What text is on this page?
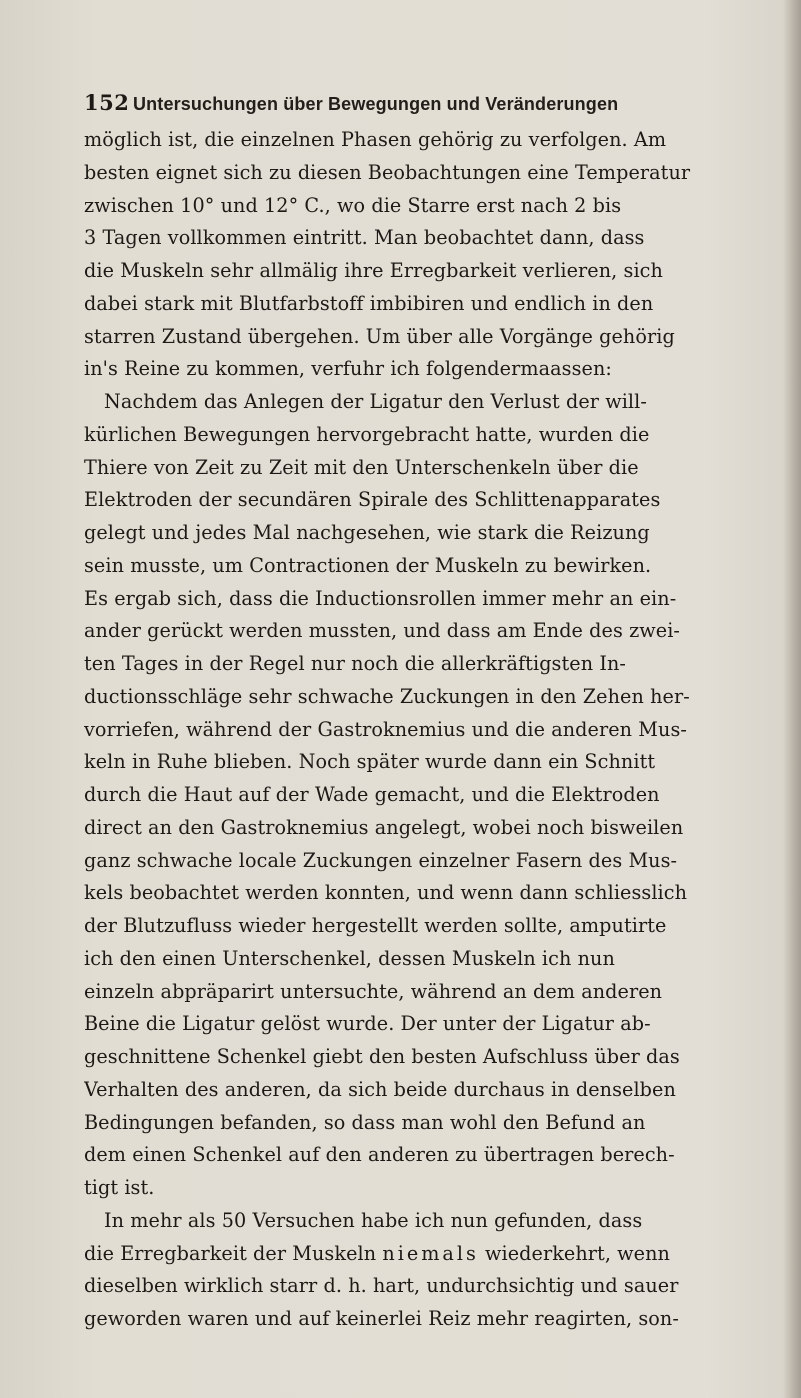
152 Untersuchungen über Bewegungen und Veränderungen
möglich ist, die einzelnen Phasen gehörig zu verfolgen. Am
besten eignet sich zu diesen Beobachtungen eine Temperatur
zwischen 10° und 12° C., wo die Starre erst nach 2 bis
3 Tagen vollkommen eintritt. Man beobachtet dann, dass
die Muskeln sehr allmälig ihre Erregbarkeit verlieren, sich
dabei stark mit Blutfarbstoff imbibiren und endlich in den
starren Zustand übergehen. Um über alle Vorgänge gehörig
in's Reine zu kommen, verfuhr ich folgendermaassen:
Nachdem das Anlegen der Ligatur den Verlust der will-
kürlichen Bewegungen hervorgebracht hatte, wurden die
Thiere von Zeit zu Zeit mit den Unterschenkeln über die
Elektroden der secundären Spirale des Schlittenapparates
gelegt und jedes Mal nachgesehen, wie stark die Reizung
sein musste, um Contractionen der Muskeln zu bewirken.
Es ergab sich, dass die Inductionsrollen immer mehr an ein-
ander gerückt werden mussten, und dass am Ende des zwei-
ten Tages in der Regel nur noch die allerkräftigsten In-
ductionsschläge sehr schwache Zuckungen in den Zehen her-
vorriefen, während der Gastroknemius und die anderen Mus-
keln in Ruhe blieben. Noch später wurde dann ein Schnitt
durch die Haut auf der Wade gemacht, und die Elektroden
direct an den Gastroknemius angelegt, wobei noch bisweilen
ganz schwache locale Zuckungen einzelner Fasern des Mus-
kels beobachtet werden konnten, und wenn dann schliesslich
der Blutzufluss wieder hergestellt werden sollte, amputirte
ich den einen Unterschenkel, dessen Muskeln ich nun
einzeln abpräparirt untersuchte, während an dem anderen
Beine die Ligatur gelöst wurde. Der unter der Ligatur ab-
geschnittene Schenkel giebt den besten Aufschluss über das
Verhalten des anderen, da sich beide durchaus in denselben
Bedingungen befanden, so dass man wohl den Befund an
dem einen Schenkel auf den anderen zu übertragen berech-
tigt ist.
In mehr als 50 Versuchen habe ich nun gefunden, dass
die Erregbarkeit der Muskeln niemals wiederkehrt, wenn
dieselben wirklich starr d. h. hart, undurchsichtig und sauer
geworden waren und auf keinerlei Reiz mehr reagirten, son-
